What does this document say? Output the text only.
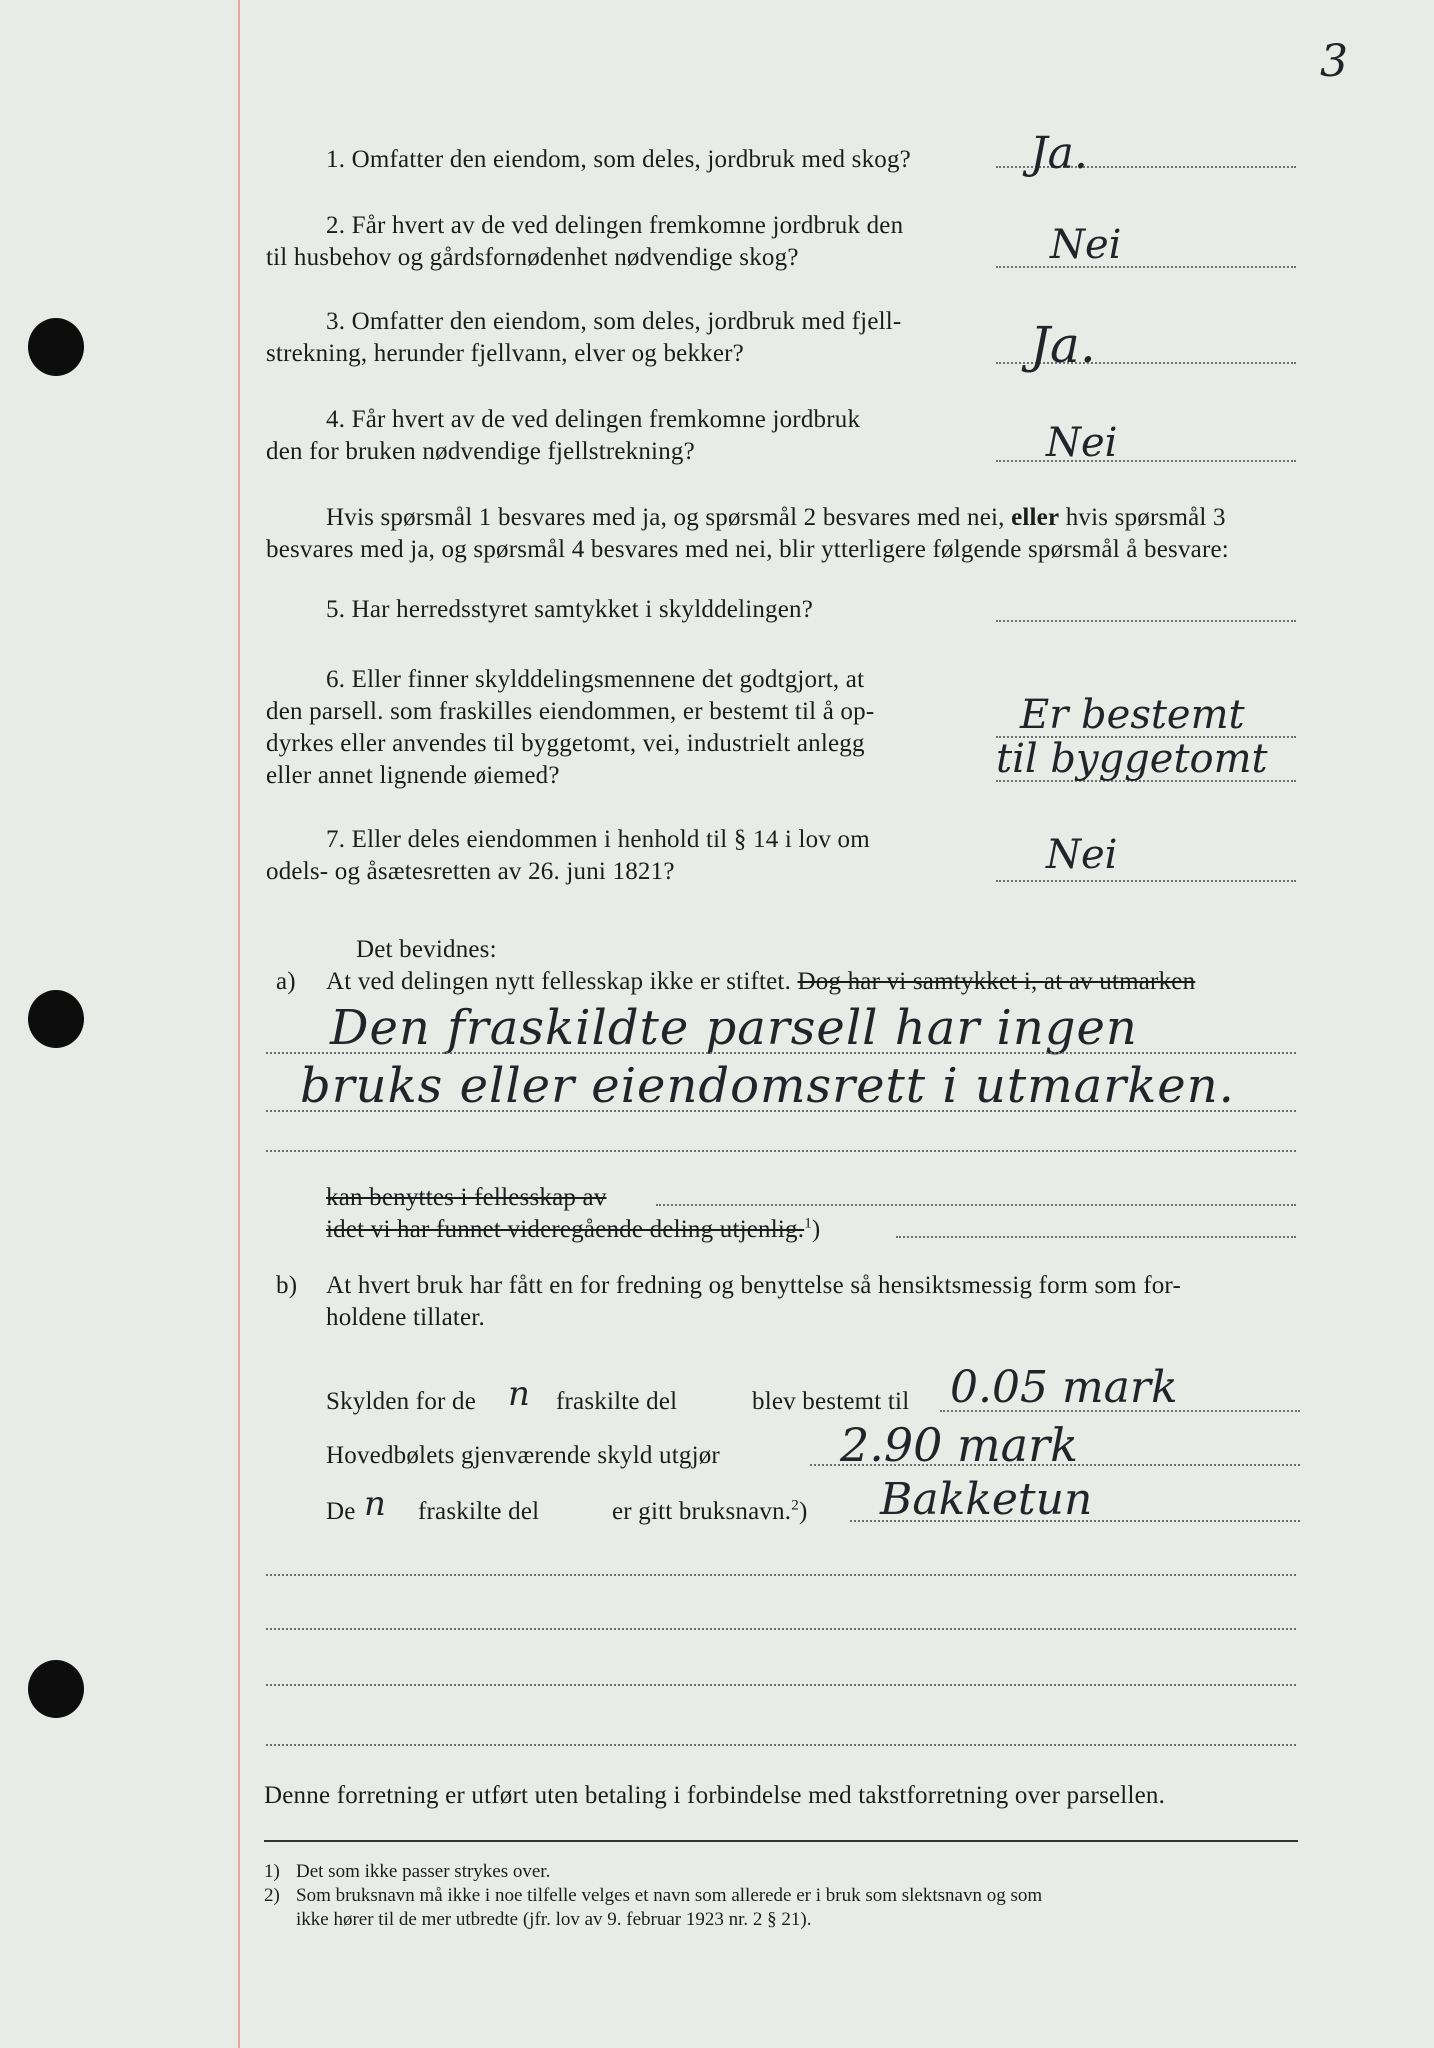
3
1. Omfatter den eiendom, som deles, jordbruk med skog?	Ja.
2. Får hvert av de ved delingen fremkomne jordbruk den
til husbehov og gårdsfornødenhet nødvendige skog?	Nei
3. Omfatter den eiendom, som deles, jordbruk med fjell-
strekning, herunder fjellvann, elver og bekker?	Ja.
4. Får hvert av de ved delingen fremkomne jordbruk
den for bruken nødvendige fjellstrekning?	Nei
Hvis spørsmål 1 besvares med ja, og spørsmål 2 besvares med nei, eller hvis spørsmål 3
besvares med ja, og spørsmål 4 besvares med nei, blir ytterligere følgende spørsmål å besvare:
5. Har herredsstyret samtykket i skylddelingen?
6. Eller finner skylddelingsmennene det godtgjort, at
den parsell. som fraskilles eiendommen, er bestemt til å op-
dyrkes eller anvendes til byggetomt, vei, industrielt anlegg
eller annet lignende øiemed?
Er bestemt
til byggetomt
7. Eller deles eiendommen i henhold til § 14 i lov om
odels- og åsætesretten av 26. juni 1821?	Nei
Det bevidnes:
a) At ved delingen nytt fellesskap ikke er stiftet. Dog har vi samtykket i, at av utmarken
Den fraskildte parsell har ingen
bruks eller eiendomsrett i utmarken.
kan benyttes i fellesskap av
idet vi har funnet videregående deling utjenlig.$^1$)
b) At hvert bruk har fått en for fredning og benyttelse så hensiktsmessig form som for-
holdene tillater.
Skylden for de n fraskilte del	blev bestemt til 0.05 mark
Hovedbølets gjenværende skyld utgjør	2.90 mark
De n fraskilte del	er gitt bruksnavn.$^2$) Bakketun
Denne forretning er utført uten betaling i forbindelse med takstforretning over parsellen.
1) Det som ikke passer strykes over.
2) Som bruksnavn må ikke i noe tilfelle velges et navn som allerede er i bruk som slektsnavn og som
ikke hører til de mer utbredte (jfr. lov av 9. februar 1923 nr. 2 § 21).
